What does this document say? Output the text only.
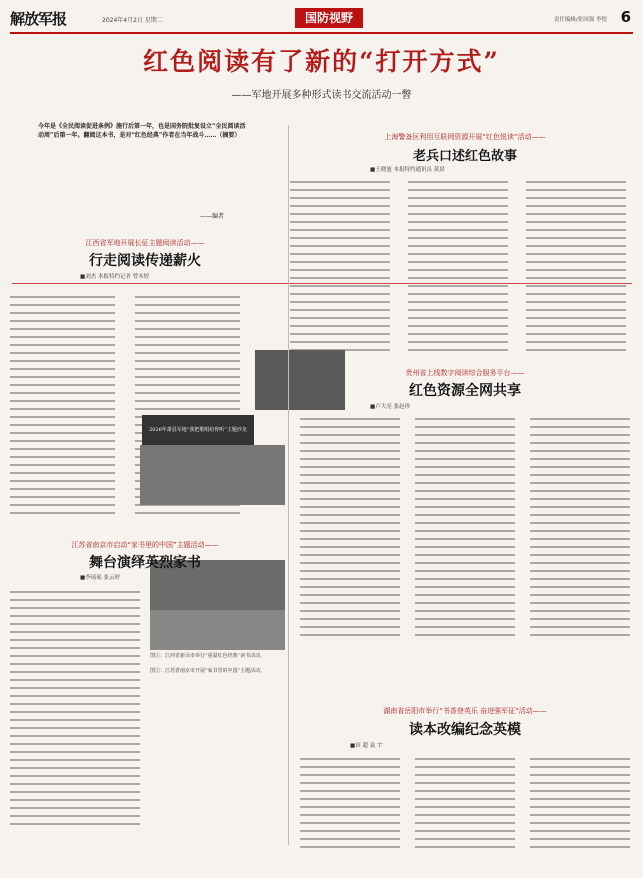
解放军报	2024年4月2日 星期二	国防视野	责任编辑/张国强 李悦 6
红色阅读有了新的“打开方式”
——军地开展多种形式读书交流活动一瞥
今年是《全民阅读促进条例》施行后第一年，也是国务院批复设立“全民阅读活动周”后第一年。翻阅这本书，是对“红色经典”作者在当年战斗……（摘要）
——编者
上海警备区利用互联网资源开展“红色悦读”活动——
老兵口述红色故事
■王晓旭 本报特约通讯员 黄晨
江西省军地开展长征主题阅读活动——
行走阅读传递薪火
■刘杰 本报特约记者 曾本婷
2026年萧县军地“我把歌唱给你听”主题沙龙
贵州省上线数字阅读综合服务平台——
红色资源全网共享
■卢大亮 张赵珍
江苏省南京市启动“家书里的中国”主题活动——
舞台演绎英烈家书
■李瑶瑶 张云婷
图①：江西省新余市举行“重温红色经典”读书活动。
图②：江苏省南京市开展“家书里的中国”主题活动。
湖南省岳阳市举行“书香登英乐 奋进强军征”活动——
读本改编纪念英模
■田 超 袁 宇
